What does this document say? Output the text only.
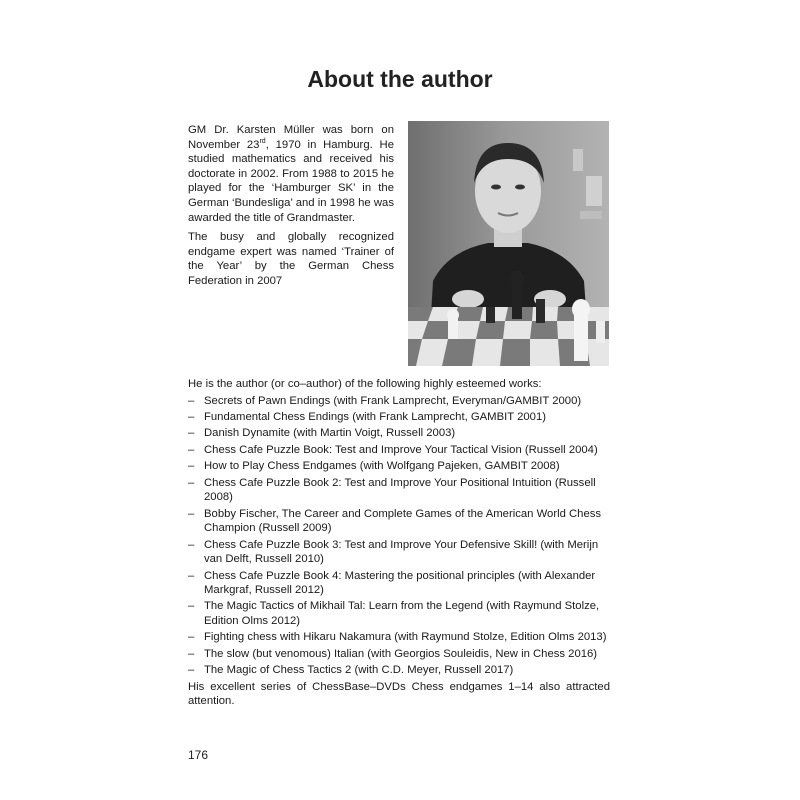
About the author

GM Dr. Karsten Müller was born on November 23rd, 1970 in Hamburg. He studied mathematics and received his doctorate in 2002. From 1988 to 2015 he played for the ‘Hamburger SK’ in the German ‘Bundesliga’ and in 1998 he was awarded the title of Grandmaster.

The busy and globally recognized endgame expert was named ‘Trainer of the Year’ by the German Chess Federation in 2007

He is the author (or co–author) of the following highly esteemed works:

– Secrets of Pawn Endings (with Frank Lamprecht, Everyman/GAMBIT 2000)
– Fundamental Chess Endings (with Frank Lamprecht, GAMBIT 2001)
– Danish Dynamite (with Martin Voigt, Russell 2003)
– Chess Cafe Puzzle Book: Test and Improve Your Tactical Vision (Russell 2004)
– How to Play Chess Endgames (with Wolfgang Pajeken, GAMBIT 2008)
– Chess Cafe Puzzle Book 2: Test and Improve Your Positional Intuition (Russell 2008)
– Bobby Fischer, The Career and Complete Games of the American World Chess Champion (Russell 2009)
– Chess Cafe Puzzle Book 3: Test and Improve Your Defensive Skill! (with Merijn van Delft, Russell 2010)
– Chess Cafe Puzzle Book 4: Mastering the positional principles (with Alexander Markgraf, Russell 2012)
– The Magic Tactics of Mikhail Tal: Learn from the Legend (with Raymund Stolze, Edition Olms 2012)
– Fighting chess with Hikaru Nakamura (with Raymund Stolze, Edition Olms 2013)
– The slow (but venomous) Italian (with Georgios Souleidis, New in Chess 2016)
– The Magic of Chess Tactics 2 (with C.D. Meyer, Russell 2017)

His excellent series of ChessBase–DVDs Chess endgames 1–14 also attracted attention.

176
